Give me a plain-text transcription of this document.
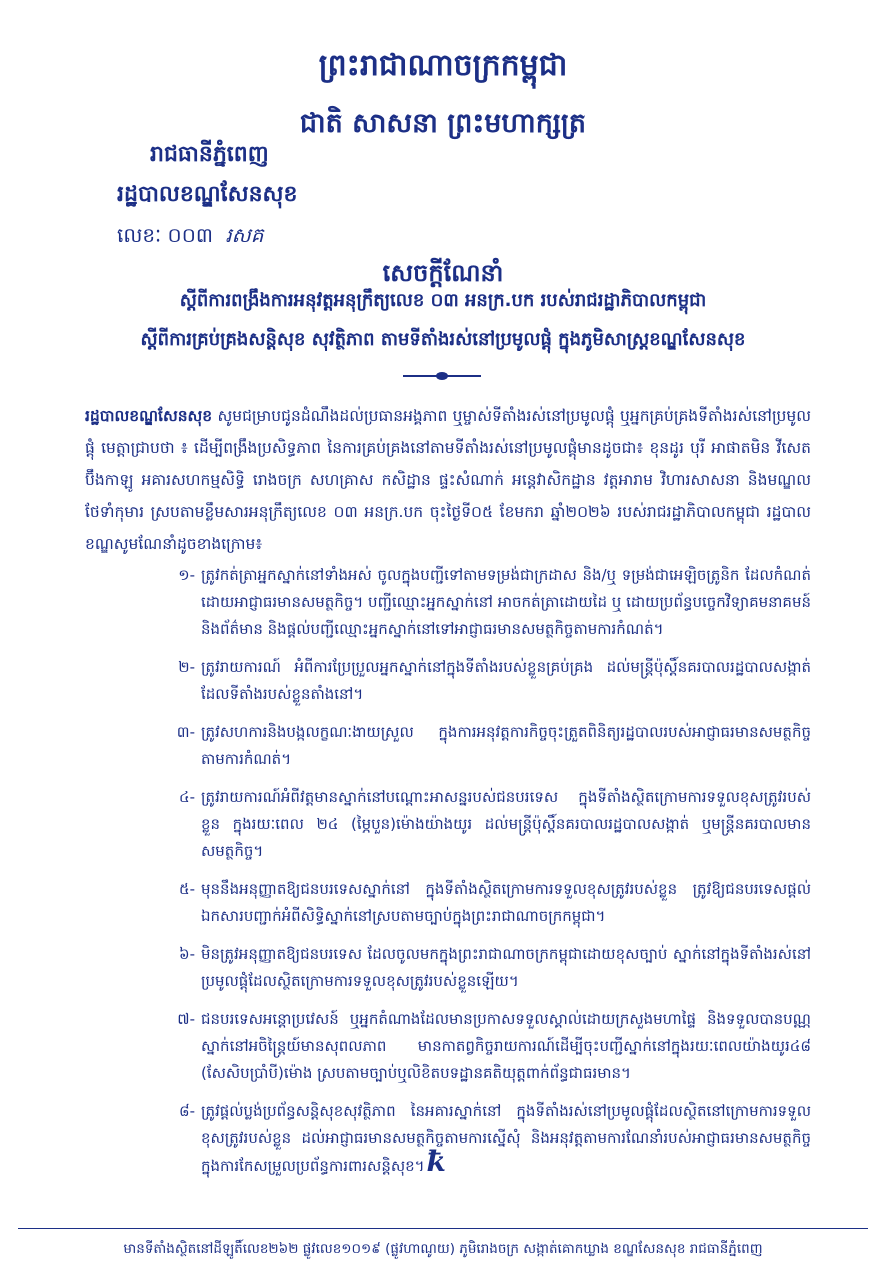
ព្រះរាជាណាចក្រកម្ពុជា
ជាតិ សាសនា ព្រះមហាក្សត្រ
រាជធានីភ្នំពេញ
រដ្ឋបាលខណ្ឌសែនសុខ
លេខៈ ០០៣ រសគ
សេចក្តីណែនាំ
ស្តីពីការពង្រឹងការអនុវត្តអនុក្រឹត្យលេខ ០៣ អនក្រ.បក របស់រាជរដ្ឋាភិបាលកម្ពុជា
ស្តីពីការគ្រប់គ្រងសន្តិសុខ សុវត្ថិភាព តាមទីតាំងរស់នៅប្រមូលផ្តុំ ក្នុងភូមិសាស្ត្រខណ្ឌសែនសុខ
រដ្ឋបាលខណ្ឌសែនសុខ សូមជម្រាបជូនដំណឹងដល់ប្រធានអង្គភាព ឬម្ចាស់ទីតាំងរស់នៅប្រមូលផ្តុំ ឬអ្នកគ្រប់គ្រងទីតាំងរស់នៅប្រមូលផ្តុំ មេត្តាជ្រាបថា ៖ ដើម្បីពង្រឹងប្រសិទ្ធភាព នៃការគ្រប់គ្រងនៅតាមទីតាំងរស់នៅប្រមូលផ្តុំមានដូចជា៖ ខុនដូរ បុរី អាផាតមិន វីសេត ប៊ឹងកាឡូ អគារសហកម្មសិទ្ធិ រោងចក្រ សហគ្រាស កសិដ្ឋាន ផ្ទះសំណាក់ អន្តេវាសិកដ្ឋាន វត្តអារាម វិហារសាសនា និងមណ្ឌលថែទាំកុមារ ស្របតាមខ្លឹមសារអនុក្រឹត្យលេខ ០៣ អនក្រ.បក ចុះថ្ងៃទី០៥ ខែមករា ឆ្នាំ២០២៦ របស់រាជរដ្ឋាភិបាលកម្ពុជា រដ្ឋបាលខណ្ឌសូមណែនាំដូចខាងក្រោម៖
១- ត្រូវកត់ត្រាអ្នកស្នាក់នៅទាំងអស់ ចូលក្នុងបញ្ជីទៅតាមទម្រង់ជាក្រដាស និង/ឬ ទម្រង់ជាអេឡិចត្រូនិក ដែលកំណត់ដោយអាជ្ញាធរមានសមត្ថកិច្ច។ បញ្ជីឈ្មោះអ្នកស្នាក់នៅ អាចកត់ត្រាដោយដៃ ឬ ដោយប្រព័ន្ធបច្ចេកវិទ្យាគមនាគមន៍ និងព័ត៌មាន និងផ្តល់បញ្ជីឈ្មោះអ្នកស្នាក់នៅទៅអាជ្ញាធរមានសមត្ថកិច្ចតាមការកំណត់។
២- ត្រូវរាយការណ៍ អំពីការប្រែប្រួលអ្នកស្នាក់នៅក្នុងទីតាំងរបស់ខ្លួនគ្រប់គ្រង ដល់មន្ត្រីប៉ុស្តិ៍នគរបាលរដ្ឋបាលសង្កាត់ដែលទីតាំងរបស់ខ្លួនតាំងនៅ។
៣- ត្រូវសហការនិងបង្កលក្ខណៈងាយស្រួល ក្នុងការអនុវត្តការកិច្ចចុះត្រួតពិនិត្យរដ្ឋបាលរបស់អាជ្ញាធរមានសមត្ថកិច្ចតាមការកំណត់។
៤- ត្រូវរាយការណ៍អំពីវត្តមានស្នាក់នៅបណ្ដោះអាសន្នរបស់ជនបរទេស ក្នុងទីតាំងស្ថិតក្រោមការទទួលខុសត្រូវរបស់ខ្លួន ក្នុងរយៈពេល ២៤ (ម្ភៃបួន)ម៉ោងយ៉ាងយូរ ដល់មន្ត្រីប៉ុស្តិ៍នគរបាលរដ្ឋបាលសង្កាត់ ឬមន្ត្រីនគរបាលមានសមត្ថកិច្ច។
៥- មុននឹងអនុញ្ញាតឱ្យជនបរទេសស្នាក់នៅ ក្នុងទីតាំងស្ថិតក្រោមការទទួលខុសត្រូវរបស់ខ្លួន ត្រូវឱ្យជនបរទេសផ្តល់ឯកសារបញ្ជាក់អំពីសិទ្ធិស្នាក់នៅស្របតាមច្បាប់ក្នុងព្រះរាជាណាចក្រកម្ពុជា។
៦- មិនត្រូវអនុញ្ញាតឱ្យជនបរទេស ដែលចូលមកក្នុងព្រះរាជាណាចក្រកម្ពុជាដោយខុសច្បាប់ ស្នាក់នៅក្នុងទីតាំងរស់នៅប្រមូលផ្តុំដែលស្ថិតក្រោមការទទួលខុសត្រូវរបស់ខ្លួនឡើយ។
៧- ជនបរទេសអន្តោប្រវេសន៍ ឬអ្នកតំណាងដែលមានប្រកាសទទួលស្គាល់ដោយក្រសួងមហាផ្ទៃ និងទទួលបានបណ្ណស្នាក់នៅអចិន្ត្រៃយ៍មានសុពលភាព មានកាតព្វកិច្ចរាយការណ៍ដើម្បីចុះបញ្ជីស្នាក់នៅក្នុងរយៈពេលយ៉ាងយូរ៤៨ (សែសិបប្រាំបី)ម៉ោង ស្របតាមច្បាប់ឬលិខិតបទដ្ឋានគតិយុត្តពាក់ព័ន្ធជាធរមាន។
៨- ត្រូវផ្តល់ប្លង់ប្រព័ន្ធសន្តិសុខសុវត្ថិភាព នៃអគារស្នាក់នៅ ក្នុងទីតាំងរស់នៅប្រមូលផ្តុំដែលស្ថិតនៅក្រោមការទទួលខុសត្រូវរបស់ខ្លួន ដល់អាជ្ញាធរមានសមត្ថកិច្ចតាមការស្នើសុំ និងអនុវត្តតាមការណែនាំរបស់អាជ្ញាធរមានសមត្ថកិច្ច ក្នុងការកែសម្រួលប្រព័ន្ធការពារសន្តិសុខ។ꝁ
មានទីតាំងស្ថិតនៅដីឡូតិ៍លេខ២៦២ ផ្លូវលេខ១០១៩ (ផ្លូវហាណូយ) ភូមិរោងចក្រ សង្កាត់គោកឃ្លាង ខណ្ឌសែនសុខ រាជធានីភ្នំពេញ
